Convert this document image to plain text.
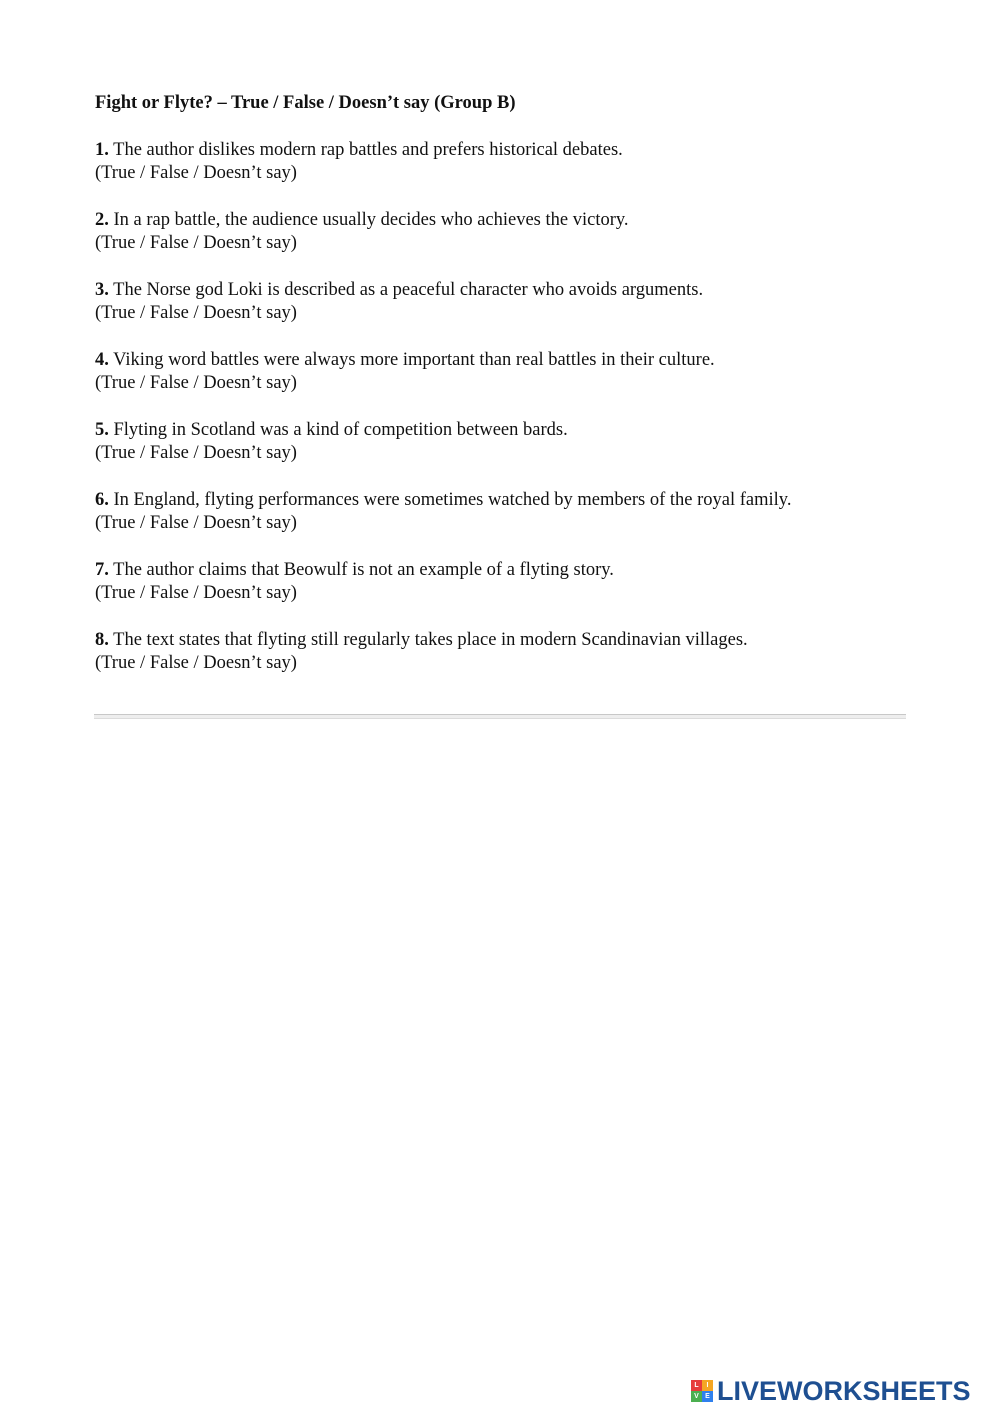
Fight or Flyte? – True / False / Doesn’t say (Group B)
1. The author dislikes modern rap battles and prefers historical debates.
(True / False / Doesn’t say)
2. In a rap battle, the audience usually decides who achieves the victory.
(True / False / Doesn’t say)
3. The Norse god Loki is described as a peaceful character who avoids arguments.
(True / False / Doesn’t say)
4. Viking word battles were always more important than real battles in their culture.
(True / False / Doesn’t say)
5. Flyting in Scotland was a kind of competition between bards.
(True / False / Doesn’t say)
6. In England, flyting performances were sometimes watched by members of the royal family.
(True / False / Doesn’t say)
7. The author claims that Beowulf is not an example of a flyting story.
(True / False / Doesn’t say)
8. The text states that flyting still regularly takes place in modern Scandinavian villages.
(True / False / Doesn’t say)
L	I
V E LIVEWORKSHEETS
